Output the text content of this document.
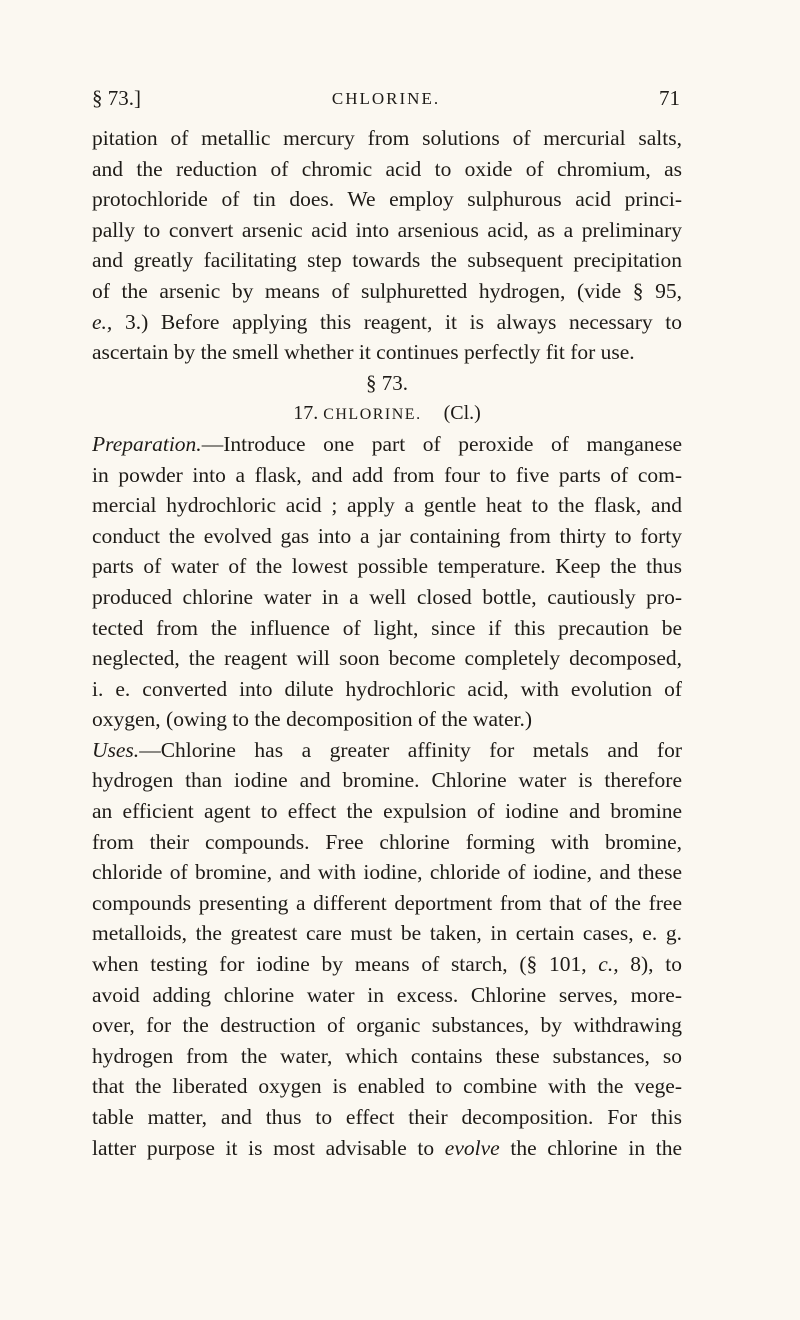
§ 73.]	CHLORINE.	71
pitation of metallic mercury from solutions of mercurial salts,
and the reduction of chromic acid to oxide of chromium, as
protochloride of tin does. We employ sulphurous acid princi-
pally to convert arsenic acid into arsenious acid, as a preliminary
and greatly facilitating step towards the subsequent precipitation
of the arsenic by means of sulphuretted hydrogen, (vide § 95,
e., 3.) Before applying this reagent, it is always necessary to
ascertain by the smell whether it continues perfectly fit for use.
§ 73.
17. CHLORINE. (Cl.)
Preparation.—Introduce one part of peroxide of manganese
in powder into a flask, and add from four to five parts of com-
mercial hydrochloric acid ; apply a gentle heat to the flask, and
conduct the evolved gas into a jar containing from thirty to forty
parts of water of the lowest possible temperature. Keep the thus
produced chlorine water in a well closed bottle, cautiously pro-
tected from the influence of light, since if this precaution be
neglected, the reagent will soon become completely decomposed,
i. e. converted into dilute hydrochloric acid, with evolution of
oxygen, (owing to the decomposition of the water.)
Uses.—Chlorine has a greater affinity for metals and for
hydrogen than iodine and bromine. Chlorine water is therefore
an efficient agent to effect the expulsion of iodine and bromine
from their compounds. Free chlorine forming with bromine,
chloride of bromine, and with iodine, chloride of iodine, and these
compounds presenting a different deportment from that of the free
metalloids, the greatest care must be taken, in certain cases, e. g.
when testing for iodine by means of starch, (§ 101, c., 8), to
avoid adding chlorine water in excess. Chlorine serves, more-
over, for the destruction of organic substances, by withdrawing
hydrogen from the water, which contains these substances, so
that the liberated oxygen is enabled to combine with the vege-
table matter, and thus to effect their decomposition. For this
latter purpose it is most advisable to evolve the chlorine in the
